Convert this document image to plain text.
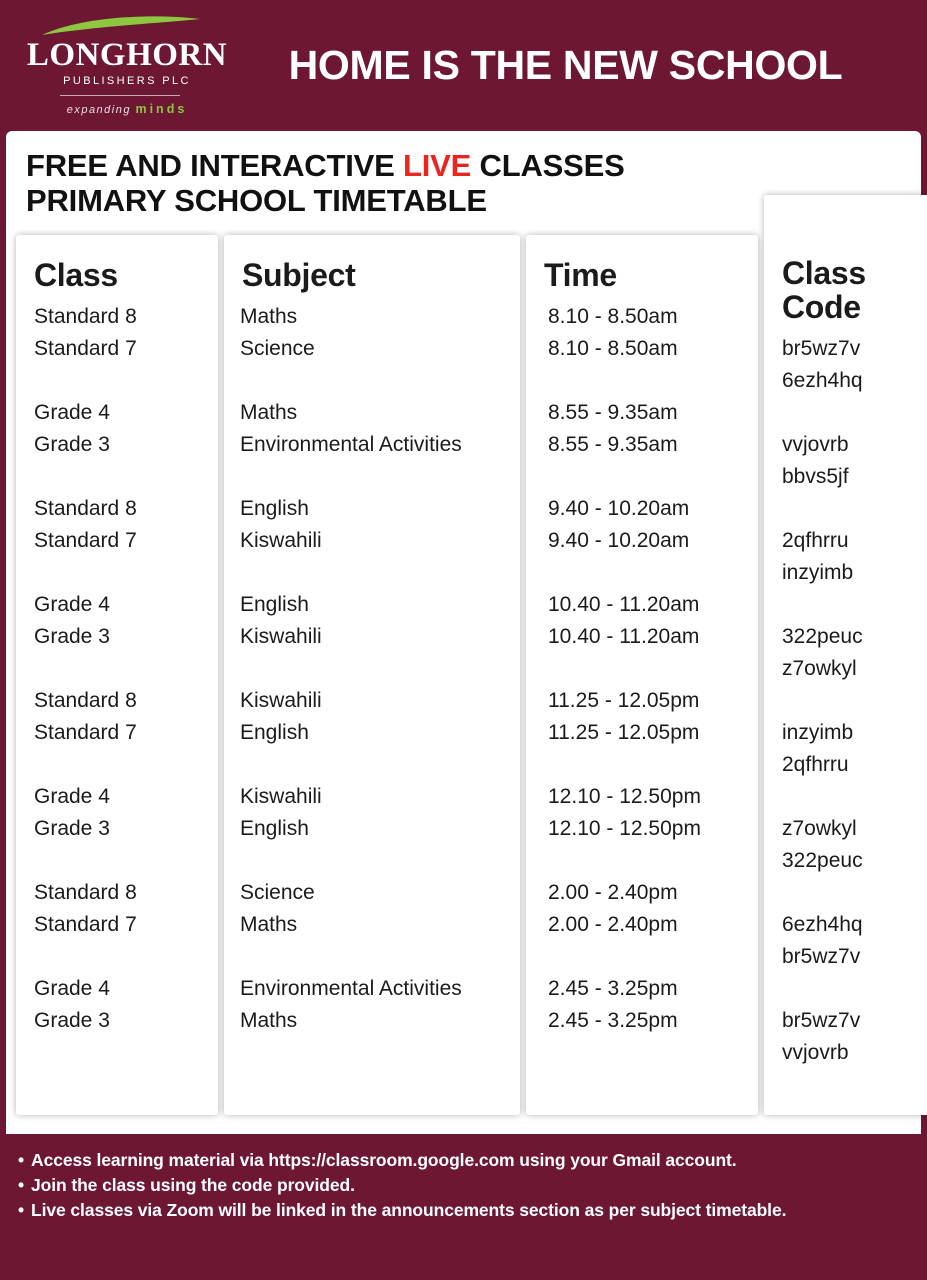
LONGHORN
PUBLISHERS PLC
expanding minds
HOME IS THE NEW SCHOOL
FREE AND INTERACTIVE LIVE CLASSES
PRIMARY SCHOOL TIMETABLE
Class
Standard 8
Standard 7
Grade 4
Grade 3
Standard 8
Standard 7
Grade 4
Grade 3
Standard 8
Standard 7
Grade 4
Grade 3
Standard 8
Standard 7
Grade 4
Grade 3
Subject
Maths
Science
Maths
Environmental Activities
English
Kiswahili
English
Kiswahili
Kiswahili
English
Kiswahili
English
Science
Maths
Environmental Activities
Maths
Time
8.10 - 8.50am
8.10 - 8.50am
8.55 - 9.35am
8.55 - 9.35am
9.40 - 10.20am
9.40 - 10.20am
10.40 - 11.20am
10.40 - 11.20am
11.25 - 12.05pm
11.25 - 12.05pm
12.10 - 12.50pm
12.10 - 12.50pm
2.00 - 2.40pm
2.00 - 2.40pm
2.45 - 3.25pm
2.45 - 3.25pm
Class
Code
br5wz7v
6ezh4hq
vvjovrb
bbvs5jf
2qfhrru
inzyimb
322peuc
z7owkyl
inzyimb
2qfhrru
z7owkyl
322peuc
6ezh4hq
br5wz7v
br5wz7v
vvjovrb
• Access learning material via https://classroom.google.com using your Gmail account.
• Join the class using the code provided.
• Live classes via Zoom will be linked in the announcements section as per subject timetable.
